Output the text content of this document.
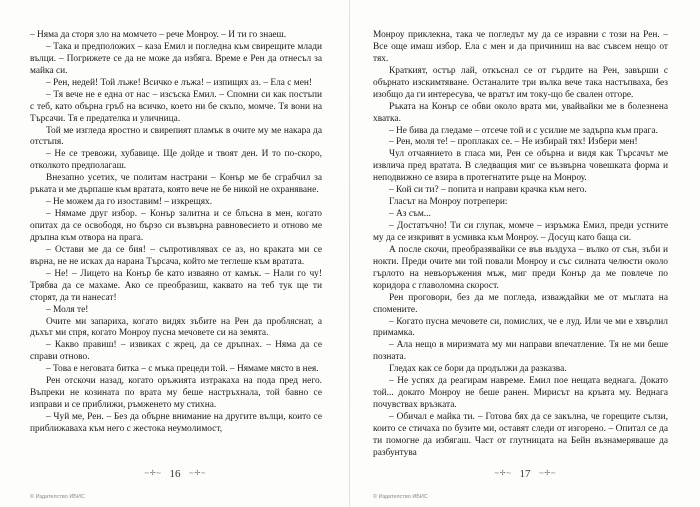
– Няма да сторя зло на момчето – рече Монроу. – И ти го знаеш.

– Така и предположих – каза Емил и погледна към свирещите млади вълци. – Погрижете се да не може да избяга. Време е Рен да отнесъл за майка си.

– Рен, недей! Той лъже! Всичко е лъжа! – изпищях аз. – Ела с мен!

– Тя вече не е една от нас – изсъска Емил. – Спомни си как постъпи с теб, като обърна гръб на всичко, което ни бе скъпо, момче. Тя вони на Търсачи. Тя е предателка и уличница.

Той ме изгледа яростно и свирепият пламък в очите му ме накара да отстъпя.

– Не се тревожи, хубавице. Ще дойде и твоят ден. И то по-скоро, отколкото предполагаш.

Внезапно усетих, че политам настрани – Конър ме бе сграбчил за ръката и ме дърпаше към вратата, която вече не бе никой не охраняване.

– Не можем да го изоставим! – изкрещях.

– Нямаме друг избор. – Конър залитна и се блъсна в мен, когато опитах да се освободя, но бързо си възвърна равновесието и отново ме дръпна към отвора на прага.

– Остави ме да се бия! – съпротивлявах се аз, но краката ми се върна, не не исках да нарана Търсача, който ме теглеше към вратата.

– Не! – Лицето на Конър бе като изваяно от камък. – Нали го чу! Трябва да се махаме. Ако се преобразиш, каквато на теб тук ще ти сторят, да ти нанесат!

– Моля те!

Очите ми запариха, когато видях зъбите на Рен да пробляснат, а дъхът ми спря, когато Монроу пусна мечовете си на земята.

– Какво правиш! – извиках с жрец, да се дръпнах. – Няма да се справи отново.

– Това е неговата битка – с мъка прецеди той. – Нямаме място в нея.

Рен отскочи назад, когато оръжията изтракаха на пода пред него. Въпреки не козината по врата му беше настръхнала, той бавно се изправи и се приближи, ръмженето му стихна.

– Чуй ме, Рен. – Без да обърне внимание на другите вълци, които се приближаваха към него с жестока неумолимост,

∼✢∼ 16 ∼✢∼
© Издателство ИБИС

Монроу приклекна, така че погледът му да се изравни с този на Рен. – Все още имаш избор. Ела с мен и да причиниш на вас съвсем нещо от тях.

Краткият, остър лай, откъснал се от гърдите на Рен, завърши с обърнато изскимтяване. Останалите три вълка вече така настъпваха, без изобщо да ги интересува, че вратът им току-що бе свален отгоре.

Ръката на Конър се обви около врата ми, увайвайки ме в болезнена хватка.

– Не бива да гледаме – отсече той и с усилие ме задърпа към прага.

– Рен, моля те! – проплаках се. – Не избирай тях! Избери мен!

Чул отчаянието в гласа ми, Рен се обърна и видя как Търсачът ме извлича пред вратата. В следващия миг се възвърна човешката форма и неподвижно се взира в протегнатите ръце на Монроу.

– Кой си ти? – попита и направи крачка към него.

Гласът на Монроу потрепери:

– Аз съм...

– Достатъчно! Ти си глупак, момче – изръмжа Емил, преди устните му да се изкривят в усмивка към Монроу. – Досущ като баща си.

А после скочи, преобразявайки се във въздуха – вълко от сън, зъби и нокти. Преди очите ми той повали Монроу и със силната челюсти около гърлото на невъоръжения мъж, миг преди Конър да ме повлече по коридора с главоломна скорост.

Рен проговори, без да ме погледа, изваждайки ме от мъглата на спомените.

– Когато пусна мечовете си, помислих, че е луд. Или че ми е хвърлил примамка.

– Ала нещо в миризмата му ми направи впечатление. Тя не ми беше позната.

Гледах как се бори да продължи да разказва.

– Не успях да реагирам навреме. Емил пое нещата веднага. Докато той... докато Монроу не беше ранен. Мирисът на кръвта му. Веднага почувствах връзката.

– Обичал е майка ти. – Готова бях да се закълна, че горещите сълзи, които се стичаха по бузите ми, оставят следи от изгорено. – Опитал се да ти помогне да избягаш. Част от глутницата на Бейн възнамеряваше да разбунтува

∼✢∼ 17 ∼✢∼
© Издателство ИБИС
